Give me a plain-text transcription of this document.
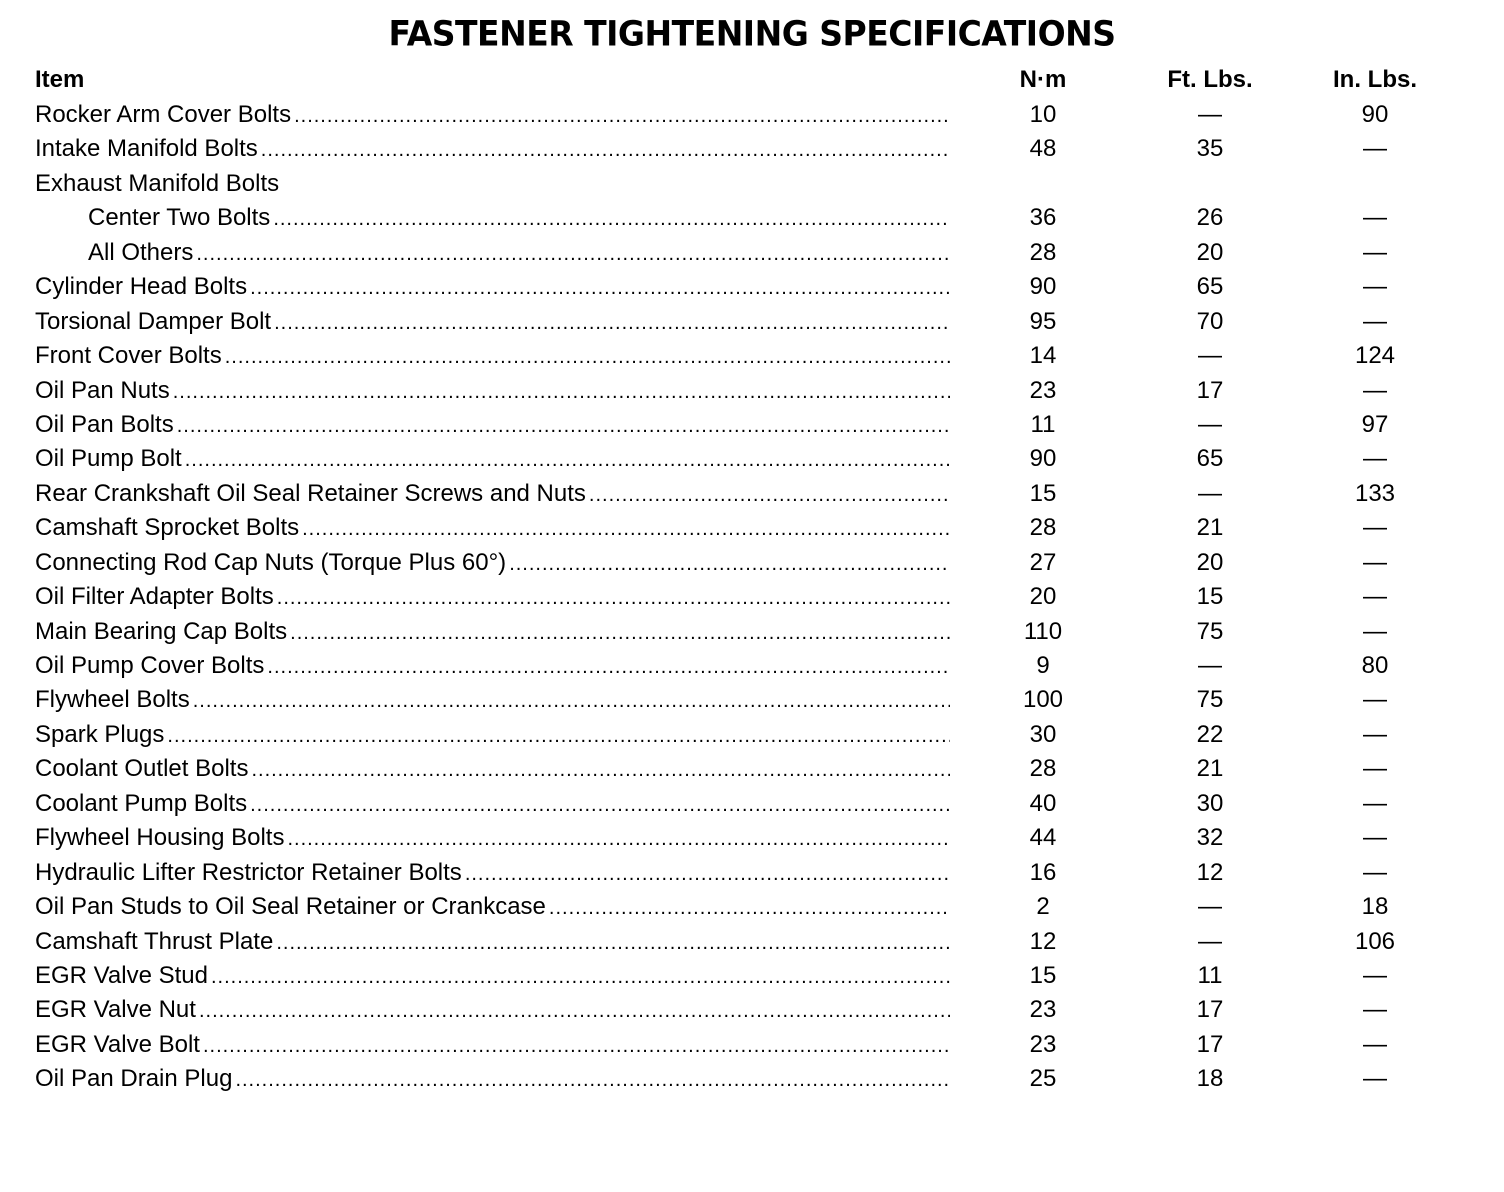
FASTENER TIGHTENING SPECIFICATIONS
Item	N·m	Ft. Lbs.	In. Lbs.
Rocker Arm Cover Bolts .....	10	—	90
Intake Manifold Bolts .....	48	35	—
Exhaust Manifold Bolts
Center Two Bolts .....	36	26	—
All Others .....	28	20	—
Cylinder Head Bolts .....	90	65	—
Torsional Damper Bolt .....	95	70	—
Front Cover Bolts .....	14	—	124
Oil Pan Nuts .....	23	17	—
Oil Pan Bolts .....	11	—	97
Oil Pump Bolt .....	90	65	—
Rear Crankshaft Oil Seal Retainer Screws and Nuts .....	15	—	133
Camshaft Sprocket Bolts .....	28	21	—
Connecting Rod Cap Nuts (Torque Plus 60°) .....	27	20	—
Oil Filter Adapter Bolts .....	20	15	—
Main Bearing Cap Bolts .....	110	75	—
Oil Pump Cover Bolts .....	9	—	80
Flywheel Bolts .....	100	75	—
Spark Plugs .....	30	22	—
Coolant Outlet Bolts .....	28	21	—
Coolant Pump Bolts .....	40	30	—
Flywheel Housing Bolts .....	44	32	—
Hydraulic Lifter Restrictor Retainer Bolts .....	16	12	—
Oil Pan Studs to Oil Seal Retainer or Crankcase .....	2	—	18
Camshaft Thrust Plate .....	12	—	106
EGR Valve Stud .....	15	11	—
EGR Valve Nut .....	23	17	—
EGR Valve Bolt .....	23	17	—
Oil Pan Drain Plug .....	25	18	—
